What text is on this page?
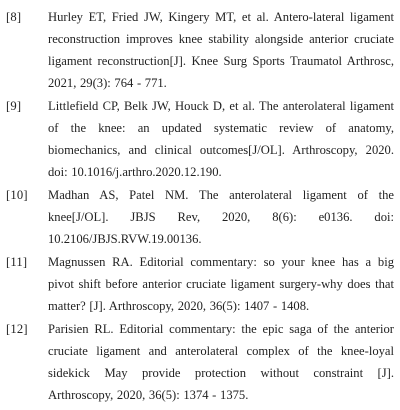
[8]	Hurley ET, Fried JW, Kingery MT, et al. Antero-lateral ligament reconstruction improves knee stability alongside anterior cruciate ligament reconstruction[J]. Knee Surg Sports Traumatol Arthrosc, 2021, 29(3): 764 - 771.
[9]	Littlefield CP, Belk JW, Houck D, et al. The anterolateral ligament of the knee: an updated systematic review of anatomy, biomechanics, and clinical outcomes[J/OL]. Arthroscopy, 2020. doi: 10.1016/j.arthro.2020.12.190.
[10]	Madhan AS, Patel NM. The anterolateral ligament of the knee[J/OL]. JBJS Rev, 2020, 8(6): e0136. doi: 10.2106/JBJS.RVW.19.00136.
[11]	Magnussen RA. Editorial commentary: so your knee has a big pivot shift before anterior cruciate ligament surgery-why does that matter? [J]. Arthroscopy, 2020, 36(5): 1407 - 1408.
[12]	Parisien RL. Editorial commentary: the epic saga of the anterior cruciate ligament and anterolateral complex of the knee-loyal sidekick May provide protection without constraint [J]. Arthroscopy, 2020, 36(5): 1374 - 1375.
